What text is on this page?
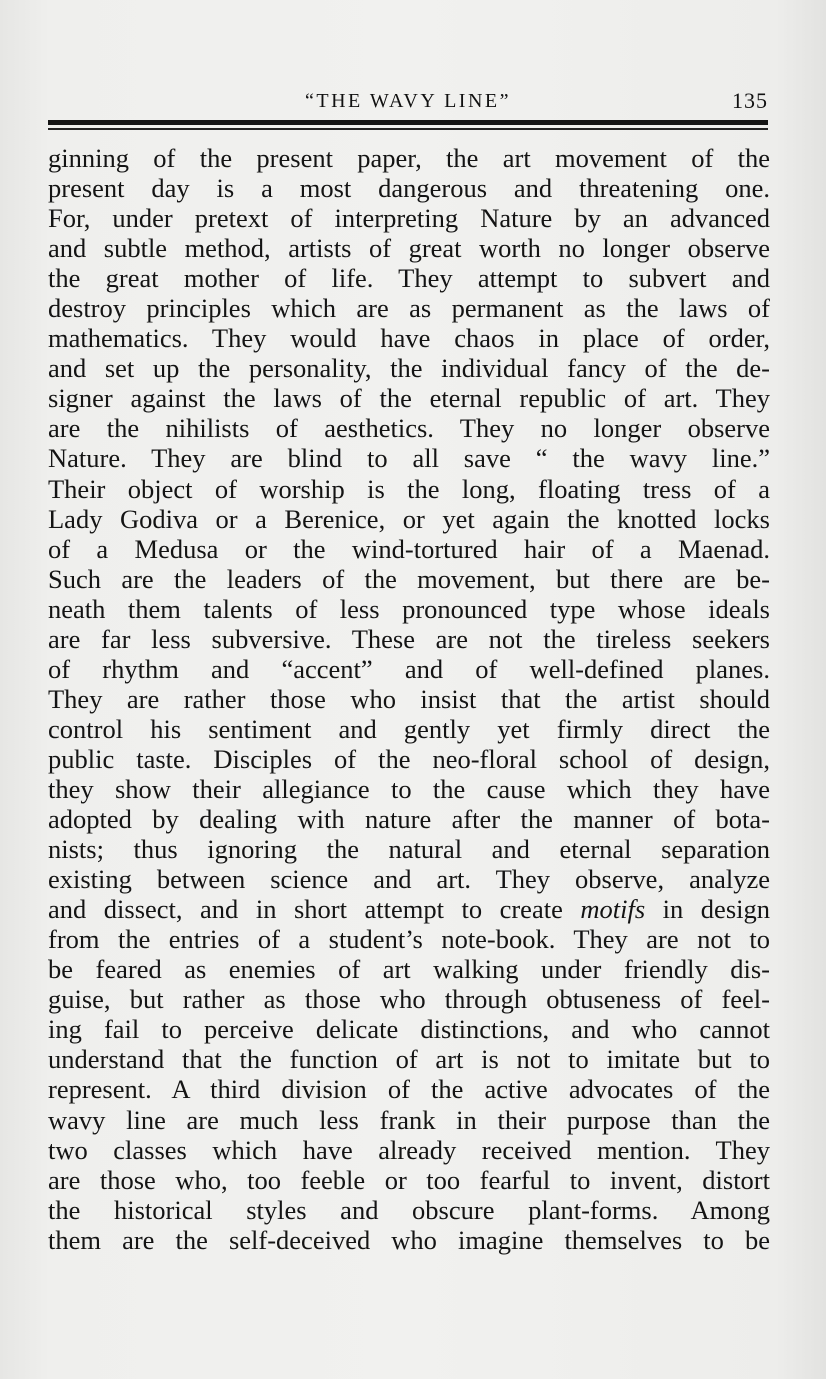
“THE WAVY LINE”	135
ginning of the present paper, the art movement of the
present day is a most dangerous and threatening one.
For, under pretext of interpreting Nature by an advanced
and subtle method, artists of great worth no longer observe
the great mother of life. They attempt to subvert and
destroy principles which are as permanent as the laws of
mathematics. They would have chaos in place of order,
and set up the personality, the individual fancy of the de-
signer against the laws of the eternal republic of art. They
are the nihilists of aesthetics. They no longer observe
Nature. They are blind to all save “ the wavy line.”
Their object of worship is the long, floating tress of a
Lady Godiva or a Berenice, or yet again the knotted locks
of a Medusa or the wind-tortured hair of a Maenad.
Such are the leaders of the movement, but there are be-
neath them talents of less pronounced type whose ideals
are far less subversive. These are not the tireless seekers
of rhythm and “accent” and of well-defined planes.
They are rather those who insist that the artist should
control his sentiment and gently yet firmly direct the
public taste. Disciples of the neo-floral school of design,
they show their allegiance to the cause which they have
adopted by dealing with nature after the manner of bota-
nists; thus ignoring the natural and eternal separation
existing between science and art. They observe, analyze
and dissect, and in short attempt to create motifs in design
from the entries of a student’s note-book. They are not to
be feared as enemies of art walking under friendly dis-
guise, but rather as those who through obtuseness of feel-
ing fail to perceive delicate distinctions, and who cannot
understand that the function of art is not to imitate but to
represent. A third division of the active advocates of the
wavy line are much less frank in their purpose than the
two classes which have already received mention. They
are those who, too feeble or too fearful to invent, distort
the historical styles and obscure plant-forms. Among
them are the self-deceived who imagine themselves to be
